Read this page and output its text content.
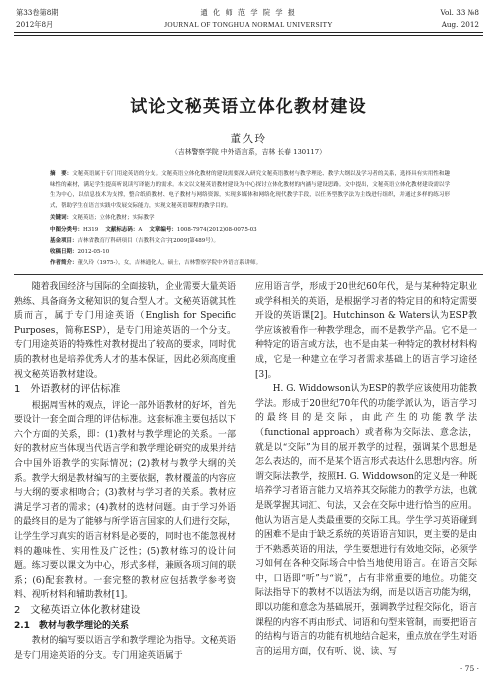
第33卷第8期
2012年8月
通 化 师 范 学 院 学 报
JOURNAL OF TONGHUA NORMAL UNIVERSITY
Vol. 33 №8
Aug. 2012
试论文秘英语立体化教材建设
董久玲
（吉林警察学院 中外语言系，吉林 长春 130117）

摘　要：文秘英语属于专门用途英语的分支。文秘英语立体化教材的建设需要深入研究文秘英语教材与教学理论、教学大纲以及学习者的关系，选择具有实用性和趣味性的素材，满足学生提高听说读写译能力的需求。本文以文秘英语教材建设为中心探讨立体化教材的内涵与建设思路。文中提出，文秘英语立体化教材建设需以学生为中心，以信息技术为支撑，整合纸质教材、电子教材与网络资源，实现多媒体和网络化现代教学手段，以任务型教学法为主线进行组织，并通过多样的练习形式，帮助学生在语言实践中发展交际能力，实现文秘英语课程的教学目的。

关键词：文秘英语；立体化教材；实际教学

中图分类号：H319 文献标志码：A 文章编号：1008-7974(2012)08-0075-03

基金项目：吉林省教育厅科研项目（吉教科文合字[2009]第489号）。

收稿日期：2012-05-10

作者简介：董久玲（1975-），女，吉林通化人，硕士，吉林警察学院中外语言系讲师。

随着我国经济与国际的全面接轨，企业需要大量英语熟练、具备商务文秘知识的复合型人才。文秘英语就其性质而言，属于专门用途英语（English for Specific Purposes，简称ESP），是专门用途英语的一个分支。专门用途英语的特殊性对教材提出了较高的要求，同时优质的教材也是培养优秀人才的基本保证，因此必须高度重视文秘英语教材建设。

1　外语教材的评估标准

根据周雪林的观点，评论一部外语教材的好坏，首先要设计一套全面合理的评估标准。这套标准主要包括以下六个方面的关系，即：(1)教材与教学理论的关系。一部好的教材应当体现当代语言学和教学理论研究的成果并结合中国外语教学的实际情况；(2)教材与教学大纲的关系。教学大纲是教材编写的主要依据，教材覆盖的内容应与大纲的要求相吻合；(3)教材与学习者的关系。教材应满足学习者的需求；(4)教材的选材问题。由于学习外语的最终目的是为了能够与所学语言国家的人们进行交际，让学生学习真实的语言材料是必要的，同时也不能忽视材料的趣味性、实用性及广泛性；(5)教材练习的设计问题。练习要以课文为中心，形式多样，兼顾各项习间的联系；(6)配套教材。一套完整的教材应包括教学参考资料、视听材料和辅助教材[1]。

2　文秘英语立体化教材建设
2.1　教材与教学理论的关系

教材的编写要以语言学和教学理论为指导。文秘英语是专门用途英语的分支。专门用途英语属于

应用语言学，形成于20世纪60年代，是与某种特定职业或学科相关的英语，是根据学习者的特定目的和特定需要开设的英语课[2]。Hutchinson & Waters认为ESP教学应该被看作一种教学理念，而不是教学产品。它不是一种特定的语言或方法，也不是由某一种特定的教材材料构成，它是一种建立在学习者需求基础上的语言学习途径[3]。

H. G. Widdowson认为ESP的教学应该使用功能教学法。形成于20世纪70年代的功能学派认为，语言学习的最终目的是交际，由此产生的功能教学法（functional approach）或者称为交际法、意念法，就是以“交际”为目的展开教学的过程，强调某个思想是怎么表达的，而不是某个语言形式表达什么思想内容。所谓交际法教学，按照H. G. Widdowson的定义是一种既培养学习者语言能力又培养其交际能力的教学方法，也就是既掌握其词汇、句法，又会在交际中进行恰当的应用。他认为语言是人类最重要的交际工具。学生学习英语碰到的困难不是由于缺乏系统的英语语言知识，更主要的是由于不熟悉英语的用法，学生要想进行有效地交际，必须学习如何在各种交际场合中恰当地使用语言。在语言交际中，口语即“听”与“说”，占有非常重要的地位。功能交际法指导下的教材不以语法为纲，而是以语言功能为纲，即以功能和意念为基础展开，强调教学过程交际化，语言课程的内容不再由形式、词语和句型来管制，而要把语言的结构与语言的功能有机地结合起来，重点放在学生对语言的运用方面，仅有听、说、读、写

· 75 ·
